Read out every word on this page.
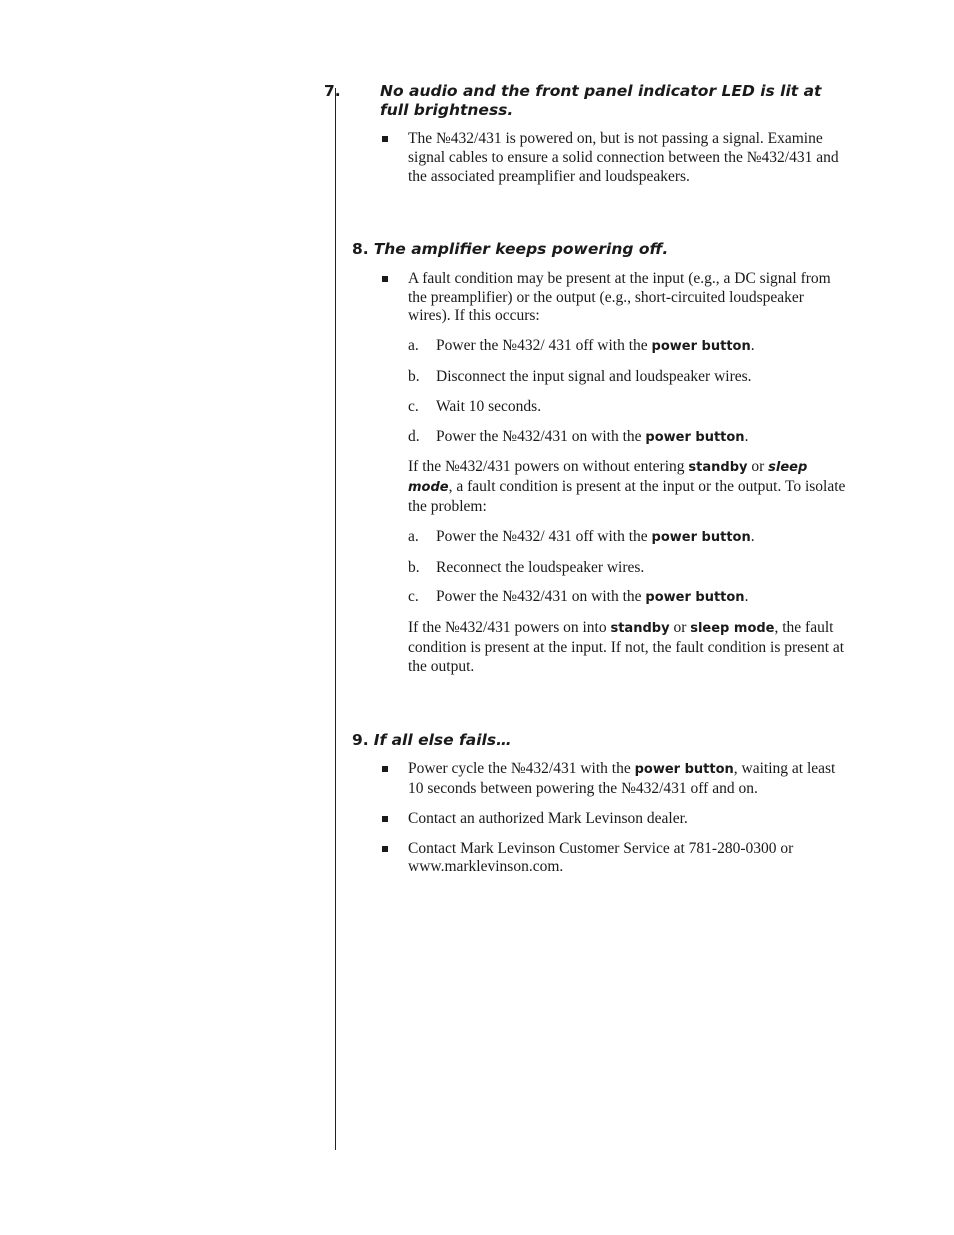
7.	No audio and the front panel indicator LED is lit at full brightness.
The №432/431 is powered on, but is not passing a signal. Examine signal cables to ensure a solid connection between the №432/431 and the associated preamplifier and loudspeakers.
8. The amplifier keeps powering off.
A fault condition may be present at the input (e.g., a DC signal from the preamplifier) or the output (e.g., short-circuited loudspeaker wires). If this occurs:
a. Power the №432/ 431 off with the power button.
b. Disconnect the input signal and loudspeaker wires.
c. Wait 10 seconds.
d. Power the №432/431 on with the power button.
If the №432/431 powers on without entering standby or sleep mode, a fault condition is present at the input or the output. To isolate the problem:
a. Power the №432/ 431 off with the power button.
b. Reconnect the loudspeaker wires.
c. Power the №432/431 on with the power button.
If the №432/431 powers on into standby or sleep mode, the fault condition is present at the input. If not, the fault condition is present at the output.
9. If all else fails…
Power cycle the №432/431 with the power button, waiting at least 10 seconds between powering the №432/431 off and on.
Contact an authorized Mark Levinson dealer.
Contact Mark Levinson Customer Service at 781-280-0300 or www.marklevinson.com.
